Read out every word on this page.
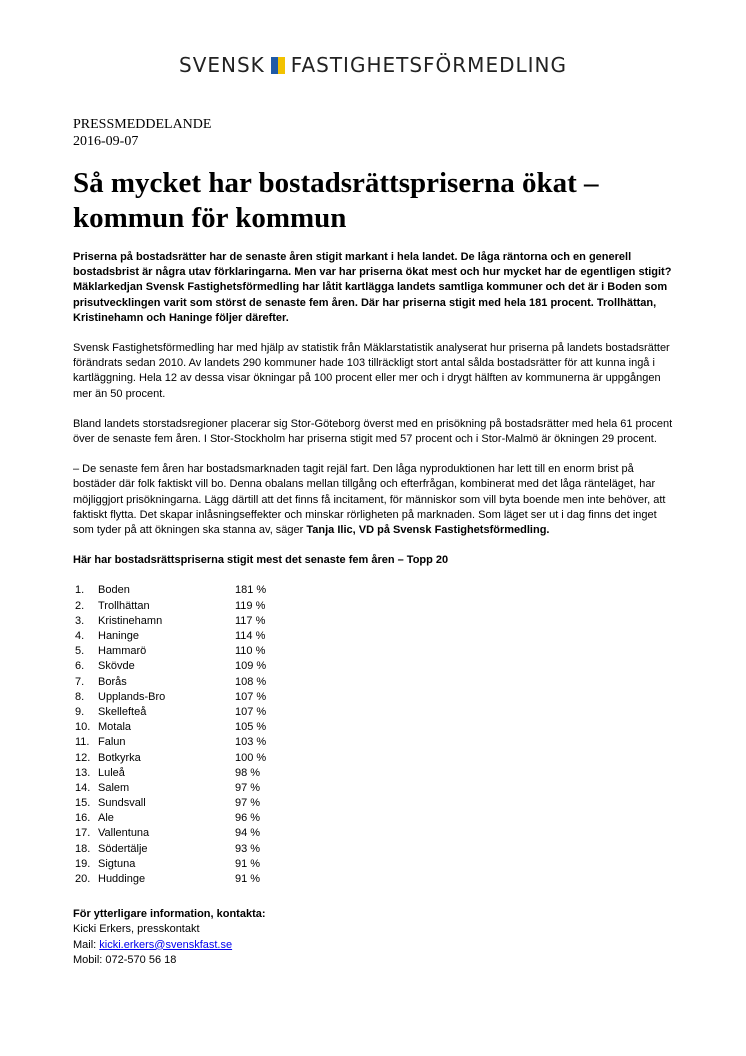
SVENSK FASTIGHETSFÖRMEDLING
PRESSMEDDELANDE
2016-09-07
Så mycket har bostadsrättspriserna ökat – kommun för kommun

Priserna på bostadsrätter har de senaste åren stigit markant i hela landet. De låga räntorna och en generell bostadsbrist är några utav förklaringarna. Men var har priserna ökat mest och hur mycket har de egentligen stigit? Mäklarkedjan Svensk Fastighetsförmedling har låtit kartlägga landets samtliga kommuner och det är i Boden som prisutvecklingen varit som störst de senaste fem åren. Där har priserna stigit med hela 181 procent. Trollhättan, Kristinehamn och Haninge följer därefter.

Svensk Fastighetsförmedling har med hjälp av statistik från Mäklarstatistik analyserat hur priserna på landets bostadsrätter förändrats sedan 2010. Av landets 290 kommuner hade 103 tillräckligt stort antal sålda bostadsrätter för att kunna ingå i kartläggning. Hela 12 av dessa visar ökningar på 100 procent eller mer och i drygt hälften av kommunerna är uppgången mer än 50 procent.

Bland landets storstadsregioner placerar sig Stor-Göteborg överst med en prisökning på bostadsrätter med hela 61 procent över de senaste fem åren. I Stor-Stockholm har priserna stigit med 57 procent och i Stor-Malmö är ökningen 29 procent.

– De senaste fem åren har bostadsmarknaden tagit rejäl fart. Den låga nyproduktionen har lett till en enorm brist på bostäder där folk faktiskt vill bo. Denna obalans mellan tillgång och efterfrågan, kombinerat med det låga ränteläget, har möjliggjort prisökningarna. Lägg därtill att det finns få incitament, för människor som vill byta boende men inte behöver, att faktiskt flytta. Det skapar inlåsningseffekter och minskar rörligheten på marknaden. Som läget ser ut i dag finns det inget som tyder på att ökningen ska stanna av, säger Tanja Ilic, VD på Svensk Fastighetsförmedling.

Här har bostadsrättspriserna stigit mest det senaste fem åren – Topp 20

1.	Boden	181 %
2.	Trollhättan	119 %
3.	Kristinehamn	117 %
4.	Haninge	114 %
5.	Hammarö	110 %
6.	Skövde	109 %
7.	Borås	108 %
8.	Upplands-Bro	107 %
9.	Skellefteå	107 %
10. Motala	105 %
11. Falun	103 %
12. Botkyrka	100 %
13. Luleå	98 %
14. Salem	97 %
15. Sundsvall	97 %
16. Ale	96 %
17. Vallentuna	94 %
18. Södertälje	93 %
19. Sigtuna	91 %
20. Huddinge	91 %

För ytterligare information, kontakta:

Kicki Erkers, presskontakt

Mail: kicki.erkers@svenskfast.se

Mobil: 072-570 56 18
